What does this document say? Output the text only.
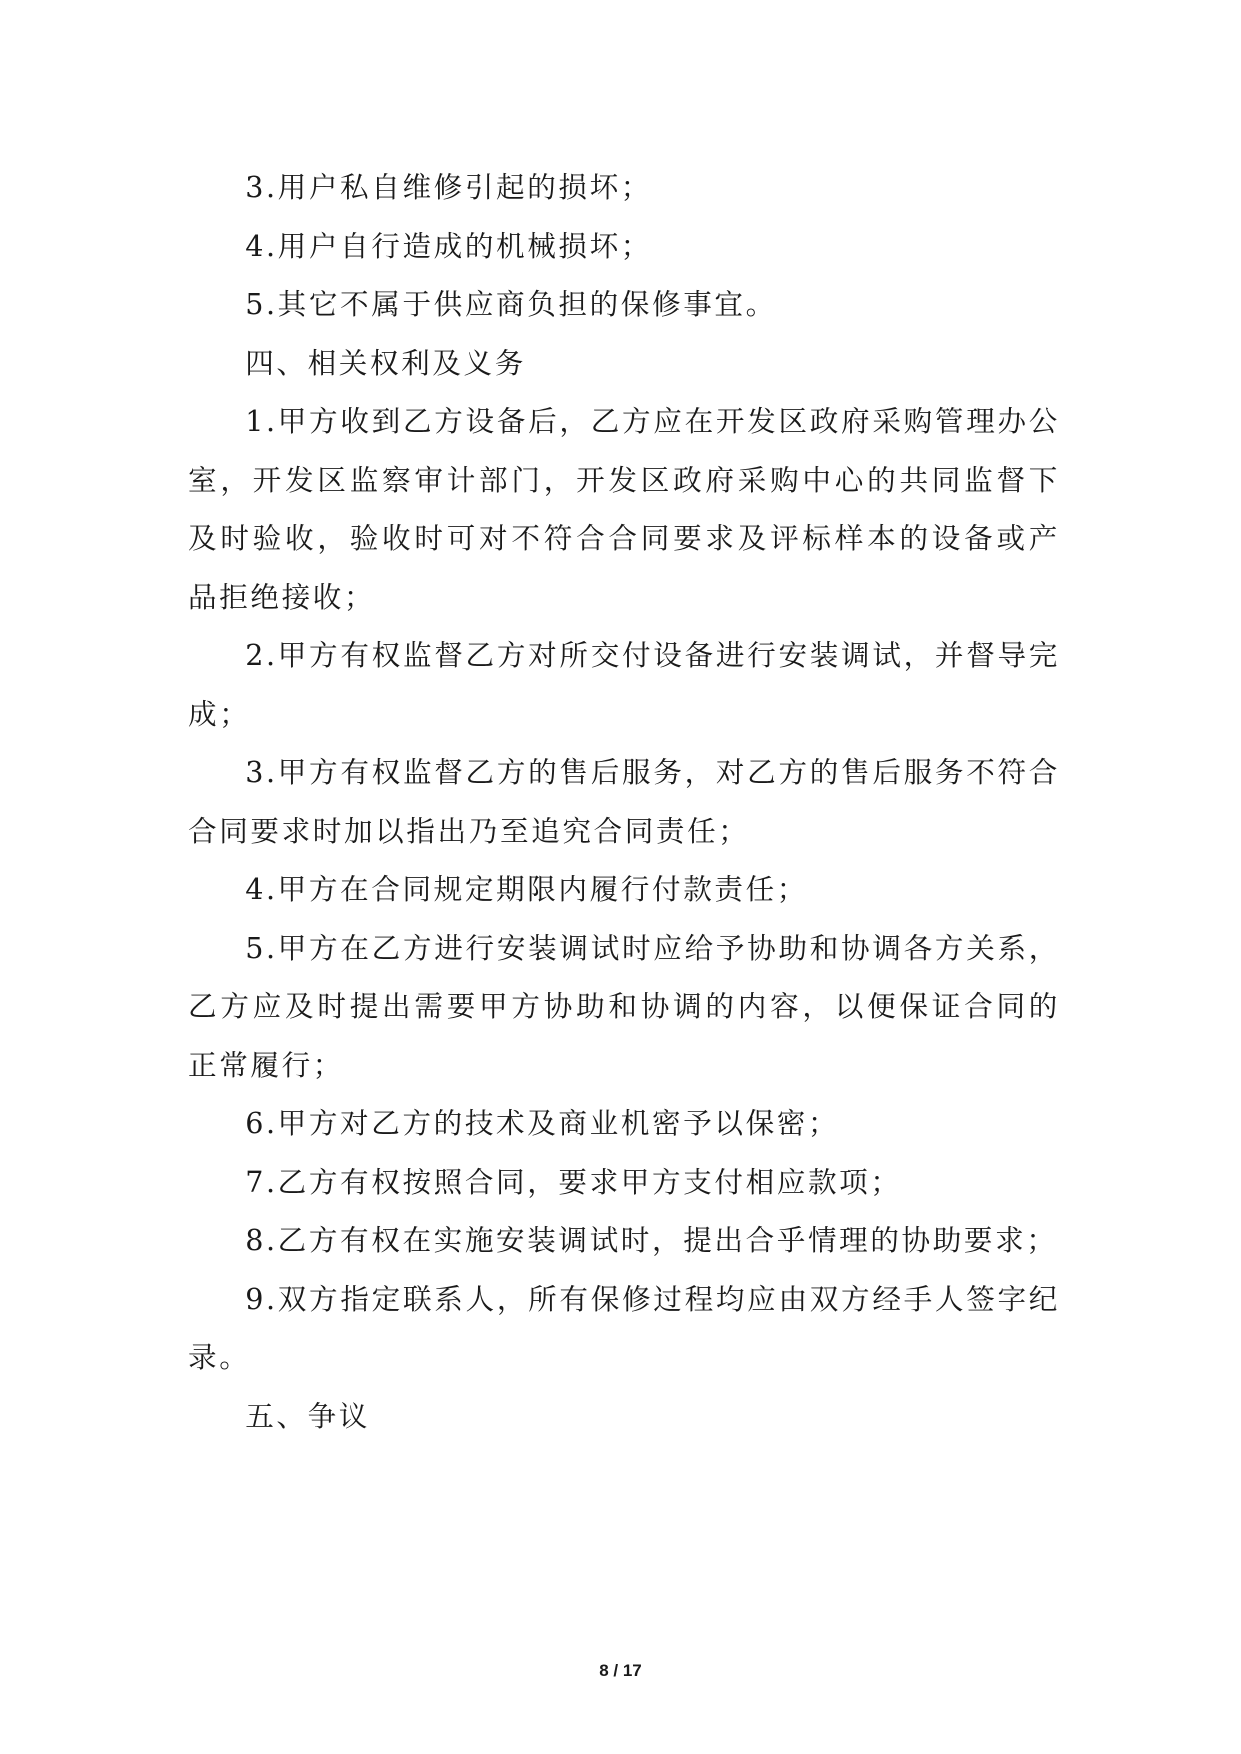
3.用户私自维修引起的损坏；

4.用户自行造成的机械损坏；

5.其它不属于供应商负担的保修事宜。

四、相关权利及义务

1.甲方收到乙方设备后，乙方应在开发区政府采购管理办公室，开发区监察审计部门，开发区政府采购中心的共同监督下及时验收，验收时可对不符合合同要求及评标样本的设备或产品拒绝接收；

2.甲方有权监督乙方对所交付设备进行安装调试，并督导完成；

3.甲方有权监督乙方的售后服务，对乙方的售后服务不符合合同要求时加以指出乃至追究合同责任；

4.甲方在合同规定期限内履行付款责任；

5.甲方在乙方进行安装调试时应给予协助和协调各方关系，乙方应及时提出需要甲方协助和协调的内容，以便保证合同的正常履行；

6.甲方对乙方的技术及商业机密予以保密；

7.乙方有权按照合同，要求甲方支付相应款项；

8.乙方有权在实施安装调试时，提出合乎情理的协助要求；

9.双方指定联系人，所有保修过程均应由双方经手人签字纪录。

五、争议

8 / 17
